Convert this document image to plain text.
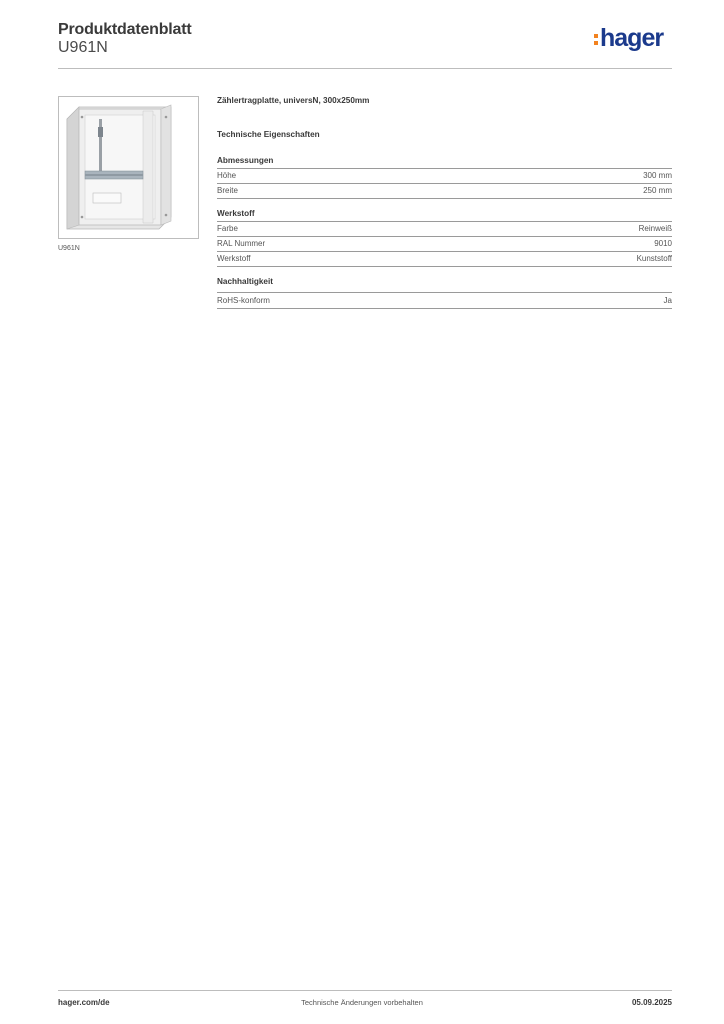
Produktdatenblatt
U961N	hager
U961N
Zählertragplatte, universN, 300x250mm
Technische Eigenschaften
Abmessungen
Höhe	300 mm
Breite	250 mm
Werkstoff
Farbe	Reinweiß
RAL Nummer	9010
Werkstoff	Kunststoff
Nachhaltigkeit
RoHS-konform	Ja
hager.com/de	Technische Änderungen vorbehalten	05.09.2025
